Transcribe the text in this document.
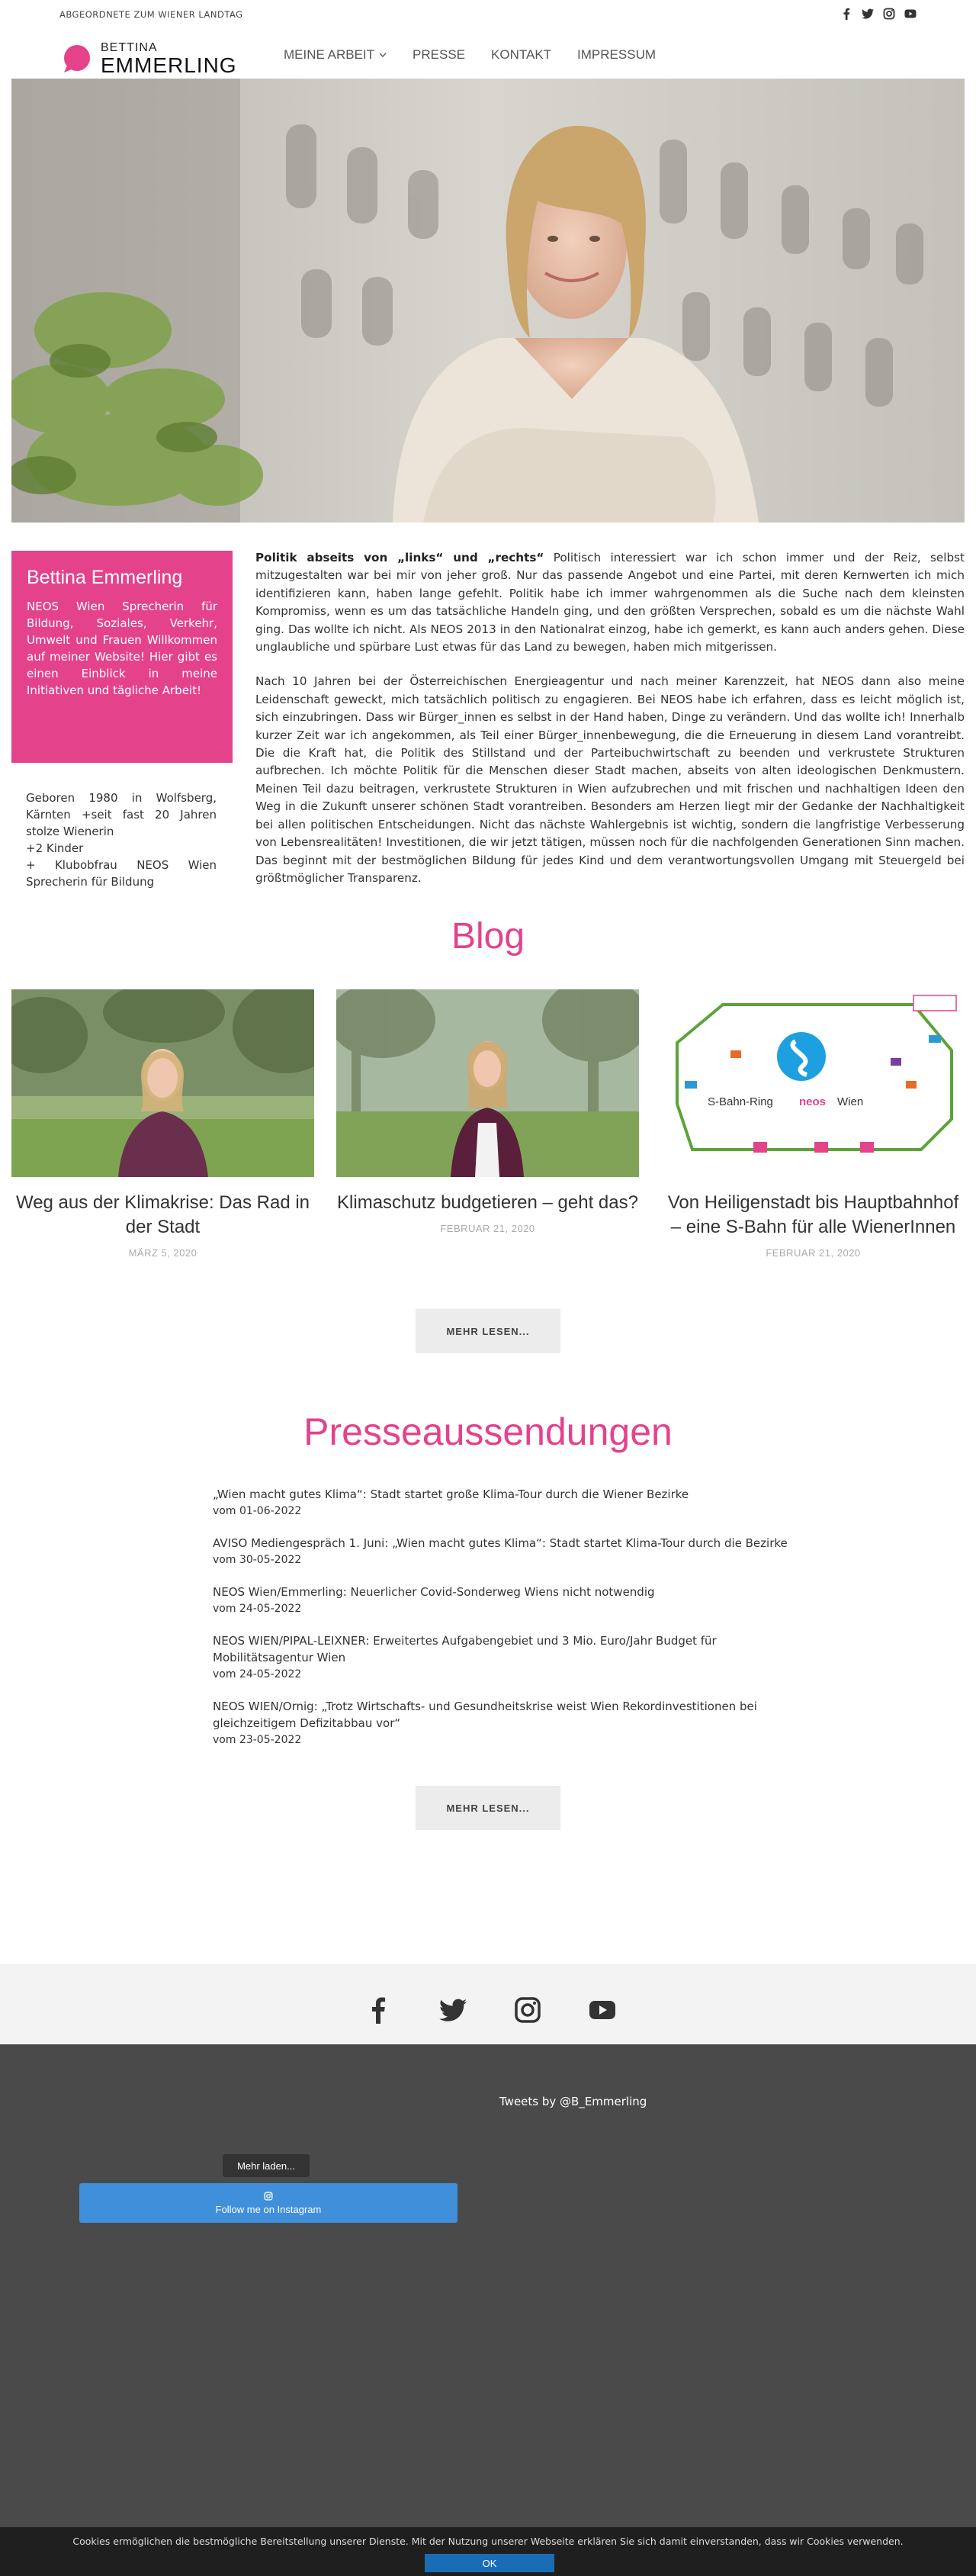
ABGEORDNETE ZUM WIENER LANDTAG
BETTINA
EMMERLING	MEINE ARBEIT	PRESSE KONTAKT IMPRESSUM
Bettina Emmerling
NEOS Wien Sprecherin für Bildung, Soziales, Verkehr, Umwelt und Frauen Willkommen auf meiner Website! Hier gibt es einen Einblick in meine Initiativen und tägliche Arbeit!
Geboren 1980 in Wolfsberg, Kärnten +seit fast 20 Jahren stolze Wienerin
+2 Kinder
+ Klubobfrau NEOS Wien Sprecherin für Bildung

Politik abseits von „links“ und „rechts“ Politisch interessiert war ich schon immer und der Reiz, selbst mitzugestalten war bei mir von jeher groß. Nur das passende Angebot und eine Partei, mit deren Kernwerten ich mich identifizieren kann, haben lange gefehlt. Politik habe ich immer wahrgenommen als die Suche nach dem kleinsten Kompromiss, wenn es um das tatsächliche Handeln ging, und den größten Versprechen, sobald es um die nächste Wahl ging. Das wollte ich nicht. Als NEOS 2013 in den Nationalrat einzog, habe ich gemerkt, es kann auch anders gehen. Diese unglaubliche und spürbare Lust etwas für das Land zu bewegen, haben mich mitgerissen.

Nach 10 Jahren bei der Österreichischen Energieagentur und nach meiner Karenzzeit, hat NEOS dann also meine Leidenschaft geweckt, mich tatsächlich politisch zu engagieren. Bei NEOS habe ich erfahren, dass es leicht möglich ist, sich einzubringen. Dass wir Bürger_innen es selbst in der Hand haben, Dinge zu verändern. Und das wollte ich! Innerhalb kurzer Zeit war ich angekommen, als Teil einer Bürger_innenbewegung, die die Erneuerung in diesem Land vorantreibt. Die die Kraft hat, die Politik des Stillstand und der Parteibuchwirtschaft zu beenden und verkrustete Strukturen aufbrechen. Ich möchte Politik für die Menschen dieser Stadt machen, abseits von alten ideologischen Denkmustern. Meinen Teil dazu beitragen, verkrustete Strukturen in Wien aufzubrechen und mit frischen und nachhaltigen Ideen den Weg in die Zukunft unserer schönen Stadt vorantreiben. Besonders am Herzen liegt mir der Gedanke der Nachhaltigkeit bei allen politischen Entscheidungen. Nicht das nächste Wahlergebnis ist wichtig, sondern die langfristige Verbesserung von Lebensrealitäten! Investitionen, die wir jetzt tätigen, müssen noch für die nachfolgenden Generationen Sinn machen. Das beginnt mit der bestmöglichen Bildung für jedes Kind und dem verantwortungsvollen Umgang mit Steuergeld bei größtmöglicher Transparenz.

Blog
Weg aus der Klimakrise: Das Rad in der Stadt
MÄRZ 5, 2020
Klimaschutz budgetieren – geht das?
FEBRUAR 21, 2020
S-Bahn-Ring neos Wien
Von Heiligenstadt bis Hauptbahnhof – eine S-Bahn für alle WienerInnen
FEBRUAR 21, 2020
MEHR LESEN...
Presseaussendungen
„Wien macht gutes Klima“: Stadt startet große Klima-Tour durch die Wiener Bezirke
vom 01-06-2022
AVISO Mediengespräch 1. Juni: „Wien macht gutes Klima“: Stadt startet Klima-Tour durch die Bezirke
vom 30-05-2022
NEOS Wien/Emmerling: Neuerlicher Covid-Sonderweg Wiens nicht notwendig
vom 24-05-2022
NEOS WIEN/PIPAL-LEIXNER: Erweitertes Aufgabengebiet und 3 Mio. Euro/Jahr Budget für Mobilitätsagentur Wien
vom 24-05-2022
NEOS WIEN/Ornig: „Trotz Wirtschafts- und Gesundheitskrise weist Wien Rekordinvestitionen bei gleichzeitigem Defizitabbau vor“
vom 23-05-2022
MEHR LESEN...
Tweets by @B_Emmerling
Mehr laden...
Follow me on Instagram
Cookies ermöglichen die bestmögliche Bereitstellung unserer Dienste. Mit der Nutzung unserer Webseite erklären Sie sich damit einverstanden, dass wir Cookies verwenden.
OK
